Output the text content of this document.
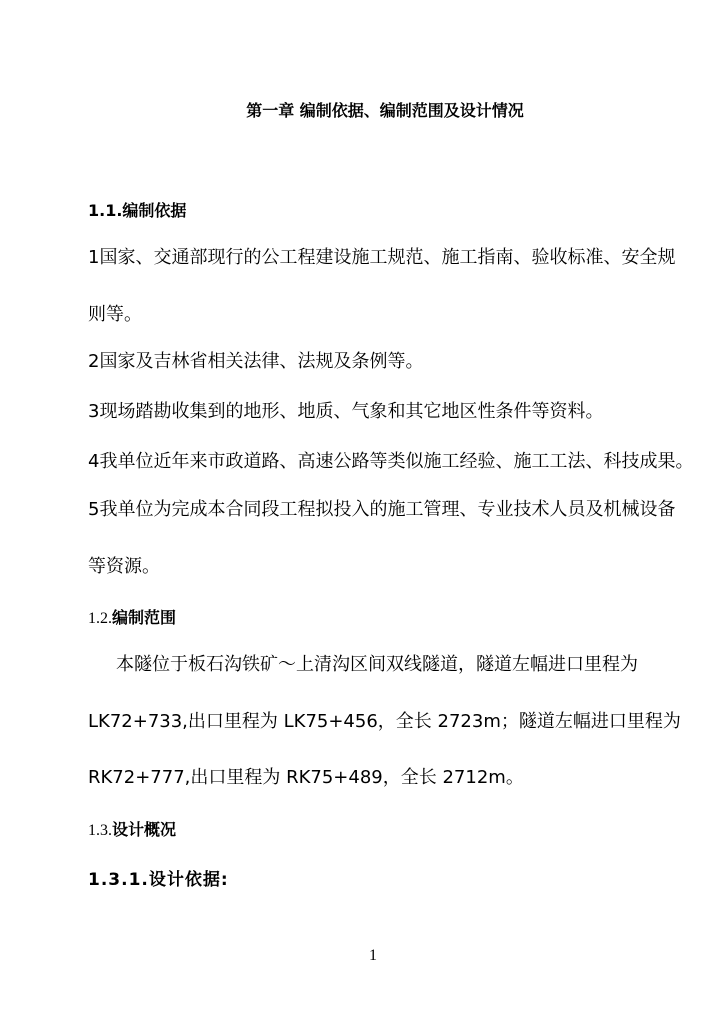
第一章 编制依据、编制范围及设计情况
1.1.编制依据
1国家、交通部现行的公工程建设施工规范、施工指南、验收标准、安全规
则等。
2国家及吉林省相关法律、法规及条例等。
3现场踏勘收集到的地形、地质、气象和其它地区性条件等资料。
4我单位近年来市政道路、高速公路等类似施工经验、施工工法、科技成果。
5我单位为完成本合同段工程拟投入的施工管理、专业技术人员及机械设备
等资源。
1.2.编制范围
本隧位于板石沟铁矿～上清沟区间双线隧道，隧道左幅进口里程为
LK72+733,出口里程为 LK75+456，全长 2723m；隧道左幅进口里程为
RK72+777,出口里程为 RK75+489，全长 2712m。
1.3.设计概况
1.3.1.设计依据:
1
